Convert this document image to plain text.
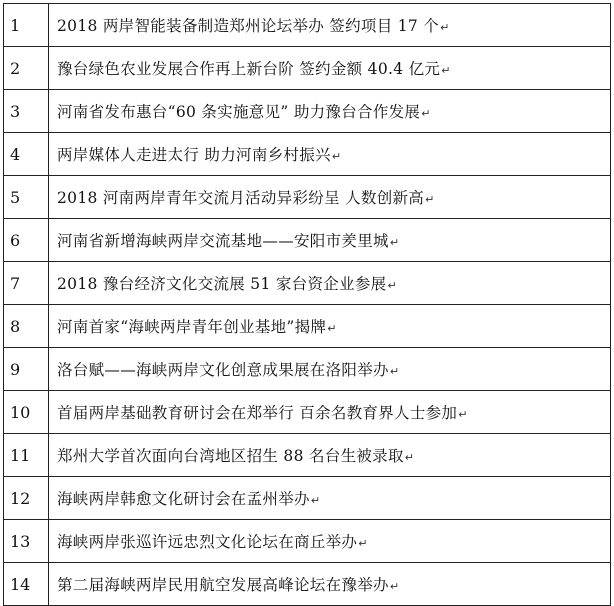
1	2018 两岸智能装备制造郑州论坛举办 签约项目 17 个↵
2	豫台绿色农业发展合作再上新台阶 签约金额 40.4 亿元↵
3	河南省发布惠台“60 条实施意见” 助力豫台合作发展↵
4	两岸媒体人走进太行 助力河南乡村振兴↵
5	2018 河南两岸青年交流月活动异彩纷呈 人数创新高↵
6	河南省新增海峡两岸交流基地——安阳市羑里城↵
7	2018 豫台经济文化交流展 51 家台资企业参展↵
8	河南首家“海峡两岸青年创业基地”揭牌↵
9	洛台赋——海峡两岸文化创意成果展在洛阳举办↵
10	首届两岸基础教育研讨会在郑举行 百余名教育界人士参加↵
11	郑州大学首次面向台湾地区招生 88 名台生被录取↵
12	海峡两岸韩愈文化研讨会在孟州举办↵
13	海峡两岸张巡许远忠烈文化论坛在商丘举办↵
14	第二届海峡两岸民用航空发展高峰论坛在豫举办↵
